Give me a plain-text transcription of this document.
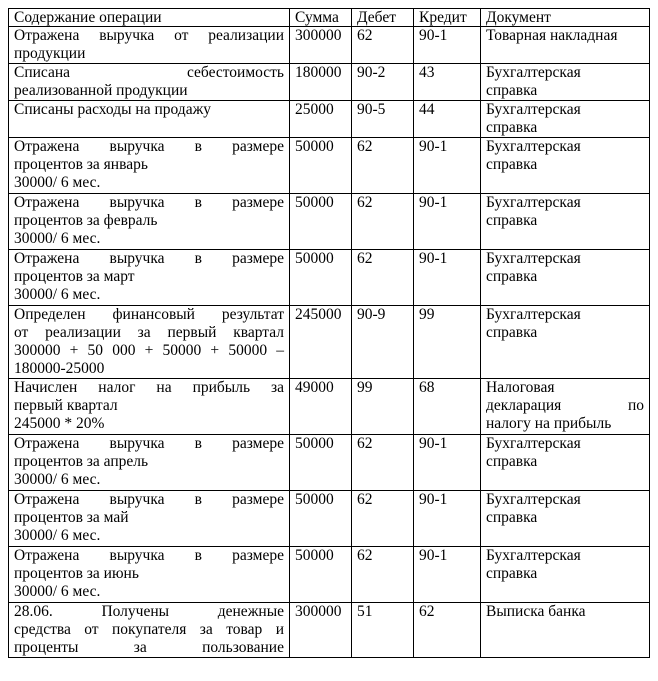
Содержание операции	Сумма	Дебет	Кредит	Документ

Отражена выручка от реализации
продукции	300000	62	90-1	Товарная накладная

Списана себестоимость
реализованной продукции	180000	90-2	43	Бухгалтерская
справка

Списаны расходы на продажу	25000	90-5	44	Бухгалтерская
справка

Отражена выручка в размере
процентов за январь
30000/ 6 мес.	50000	62	90-1	Бухгалтерская
справка

Отражена выручка в размере
процентов за февраль
30000/ 6 мес.	50000	62	90-1	Бухгалтерская
справка

Отражена выручка в размере
процентов за март
30000/ 6 мес.	50000	62	90-1	Бухгалтерская
справка

Определен финансовый результат
от реализации за первый квартал
300000 + 50 000 + 50000 + 50000 –
180000-25000	245000	90-9	99	Бухгалтерская
справка

Начислен налог на прибыль за
первый квартал
245000 * 20%	49000	99	68	Налоговая
декларация по
налогу на прибыль

Отражена выручка в размере
процентов за апрель
30000/ 6 мес.	50000	62	90-1	Бухгалтерская
справка

Отражена выручка в размере
процентов за май
30000/ 6 мес.	50000	62	90-1	Бухгалтерская
справка

Отражена выручка в размере
процентов за июнь
30000/ 6 мес.	50000	62	90-1	Бухгалтерская
справка

28.06. Получены денежные
средства от покупателя за товар и
проценты за пользование	300000	51	62	Выписка банка
